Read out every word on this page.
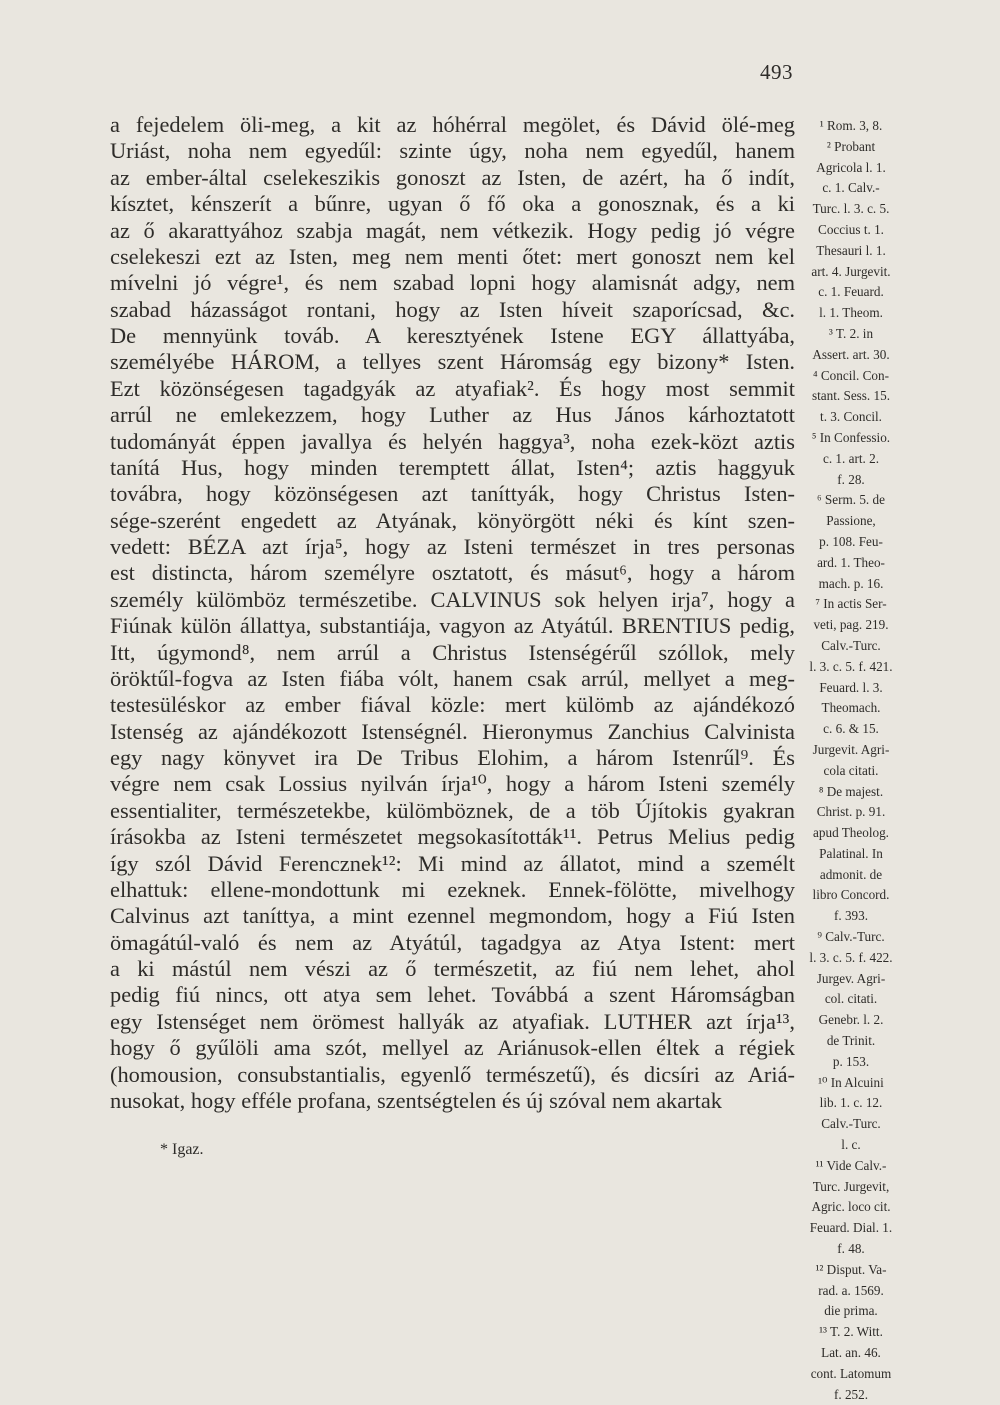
493
a fejedelem öli-meg, a kit az hóhérral megölet, és Dávid ölé-meg
Uriást, noha nem egyedűl: szinte úgy, noha nem egyedűl, hanem
az ember-által cselekeszikis gonoszt az Isten, de azért, ha ő indít,
kísztet, kénszerít a bűnre, ugyan ő fő oka a gonosznak, és a ki
az ő akarattyához szabja magát, nem vétkezik. Hogy pedig jó végre
cselekeszi ezt az Isten, meg nem menti őtet: mert gonoszt nem kel
mívelni jó végre¹, és nem szabad lopni hogy alamisnát adgy, nem
szabad házasságot rontani, hogy az Isten híveit szaporícsad, &c.
De mennyünk továb. A keresztyének Istene EGY állattyába,
személyébe HÁROM, a tellyes szent Háromság egy bizony* Isten.
Ezt közönségesen tagadgyák az atyafiak². És hogy most semmit
arrúl ne emlekezzem, hogy Luther az Hus János kárhoztatott
tudományát éppen javallya és helyén haggya³, noha ezek-közt aztis
tanítá Hus, hogy minden teremptett állat, Isten⁴; aztis haggyuk
továbra, hogy közönségesen azt taníttyák, hogy Christus Isten-
sége-szerént engedett az Atyának, könyörgött néki és kínt szen-
vedett: BÉZA azt írja⁵, hogy az Isteni természet in tres personas
est distincta, három személyre osztatott, és másut⁶, hogy a három
személy külömböz természetibe. CALVINUS sok helyen irja⁷, hogy a
Fiúnak külön állattya, substantiája, vagyon az Atyátúl. BRENTIUS pedig,
Itt, úgymond⁸, nem arrúl a Christus Istenségérűl szóllok, mely
öröktűl-fogva az Isten fiába vólt, hanem csak arrúl, mellyet a meg-
testesüléskor az ember fiával közle: mert külömb az ajándékozó
Istenség az ajándékozott Istenségnél. Hieronymus Zanchius Calvinista
egy nagy könyvet ira De Tribus Elohim, a három Istenrűl⁹. És
végre nem csak Lossius nyilván írja¹⁰, hogy a három Isteni személy
essentialiter, természetekbe, külömböznek, de a töb Újítokis gyakran
írásokba az Isteni természetet megsokasították¹¹. Petrus Melius pedig
így szól Dávid Ferencznek¹²: Mi mind az állatot, mind a személt
elhattuk: ellene-mondottunk mi ezeknek. Ennek-fölötte, mivelhogy
Calvinus azt taníttya, a mint ezennel megmondom, hogy a Fiú Isten
ömagátúl-való és nem az Atyátúl, tagadgya az Atya Istent: mert
a ki mástúl nem vészi az ő természetit, az fiú nem lehet, ahol
pedig fiú nincs, ott atya sem lehet. Továbbá a szent Háromságban
egy Istenséget nem örömest hallyák az atyafiak. LUTHER azt írja¹³,
hogy ő gyűlöli ama szót, mellyel az Ariánusok-ellen éltek a régiek
(homousion, consubstantialis, egyenlő természetű), és dicsíri az Ariá-
nusokat, hogy efféle profana, szentségtelen és új szóval nem akartak
¹ Rom. 3, 8.
² Probant
Agricola l. 1.
c. 1. Calv.-
Turc. l. 3. c. 5.
Coccius t. 1.
Thesauri l. 1.
art. 4. Jurgevit.
c. 1. Feuard.
l. 1. Theom.
³ T. 2. in
Assert. art. 30.
⁴ Concil. Con-
stant. Sess. 15.
t. 3. Concil.
⁵ In Confessio.
c. 1. art. 2.
f. 28.
⁶ Serm. 5. de
Passione,
p. 108. Feu-
ard. 1. Theo-
mach. p. 16.
⁷ In actis Ser-
veti, pag. 219.
Calv.-Turc.
l. 3. c. 5. f. 421.
Feuard. l. 3.
Theomach.
c. 6. & 15.
Jurgevit. Agri-
cola citati.
⁸ De majest.
Christ. p. 91.
apud Theolog.
Palatinal. In
admonit. de
libro Concord.
f. 393.
⁹ Calv.-Turc.
l. 3. c. 5. f. 422.
Jurgev. Agri-
col. citati.
Genebr. l. 2.
de Trinit.
p. 153.
¹⁰ In Alcuini
lib. 1. c. 12.
Calv.-Turc.
l. c.
¹¹ Vide Calv.-
Turc. Jurgevit,
Agric. loco cit.
Feuard. Dial. 1.
f. 48.
¹² Disput. Va-
rad. a. 1569.
die prima.
¹³ T. 2. Witt.
Lat. an. 46.
cont. Latomum
f. 252.
* Igaz.
